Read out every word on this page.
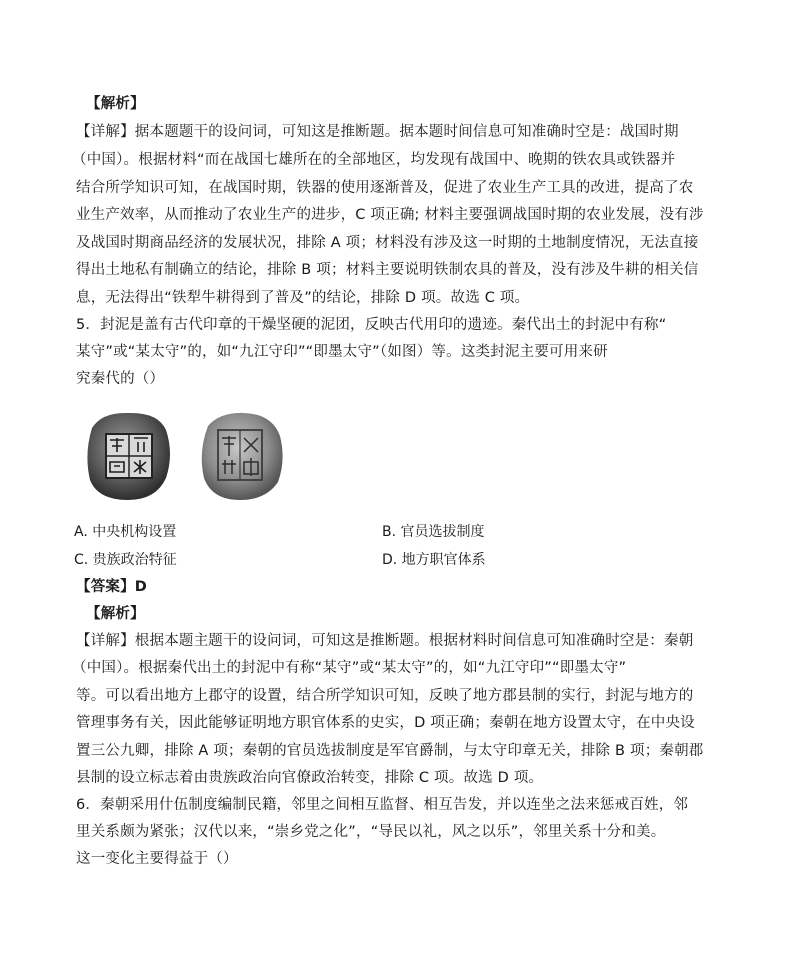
【解析】
【详解】据本题题干的设问词，可知这是推断题。据本题时间信息可知准确时空是：战国时期
（中国）。根据材料“而在战国七雄所在的全部地区，均发现有战国中、晚期的铁农具或铁器并
结合所学知识可知，在战国时期，铁器的使用逐渐普及，促进了农业生产工具的改进，提高了农
业生产效率，从而推动了农业生产的进步，C 项正确; 材料主要强调战国时期的农业发展，没有涉
及战国时期商品经济的发展状况，排除 A 项；材料没有涉及这一时期的土地制度情况，无法直接
得出土地私有制确立的结论，排除 B 项；材料主要说明铁制农具的普及，没有涉及牛耕的相关信
息，无法得出“铁犁牛耕得到了普及”的结论，排除 D 项。故选 C 项。
5．封泥是盖有古代印章的干燥坚硬的泥团，反映古代用印的遗迹。秦代出土的封泥中有称“
某守”或“某太守”的，如“九江守印”“即墨太守”（如图）等。这类封泥主要可用来研
究秦代的（）
A. 中央机构设置	B. 官员选拔制度
C. 贵族政治特征	D. 地方职官体系
【答案】D
【解析】
【详解】根据本题主题干的设问词，可知这是推断题。根据材料时间信息可知准确时空是：秦朝
（中国）。根据秦代出土的封泥中有称“某守”或“某太守”的，如“九江守印”“即墨太守”
等。可以看出地方上郡守的设置，结合所学知识可知，反映了地方郡县制的实行，封泥与地方的
管理事务有关，因此能够证明地方职官体系的史实，D 项正确；秦朝在地方设置太守，在中央设
置三公九卿，排除 A 项；秦朝的官员选拔制度是军官爵制，与太守印章无关，排除 B 项；秦朝郡
县制的设立标志着由贵族政治向官僚政治转变，排除 C 项。故选 D 项。
6．秦朝采用什伍制度编制民籍，邻里之间相互监督、相互告发，并以连坐之法来惩戒百姓，邻
里关系颇为紧张；汉代以来，“崇乡党之化”，“导民以礼，风之以乐”，邻里关系十分和美。
这一变化主要得益于（）
